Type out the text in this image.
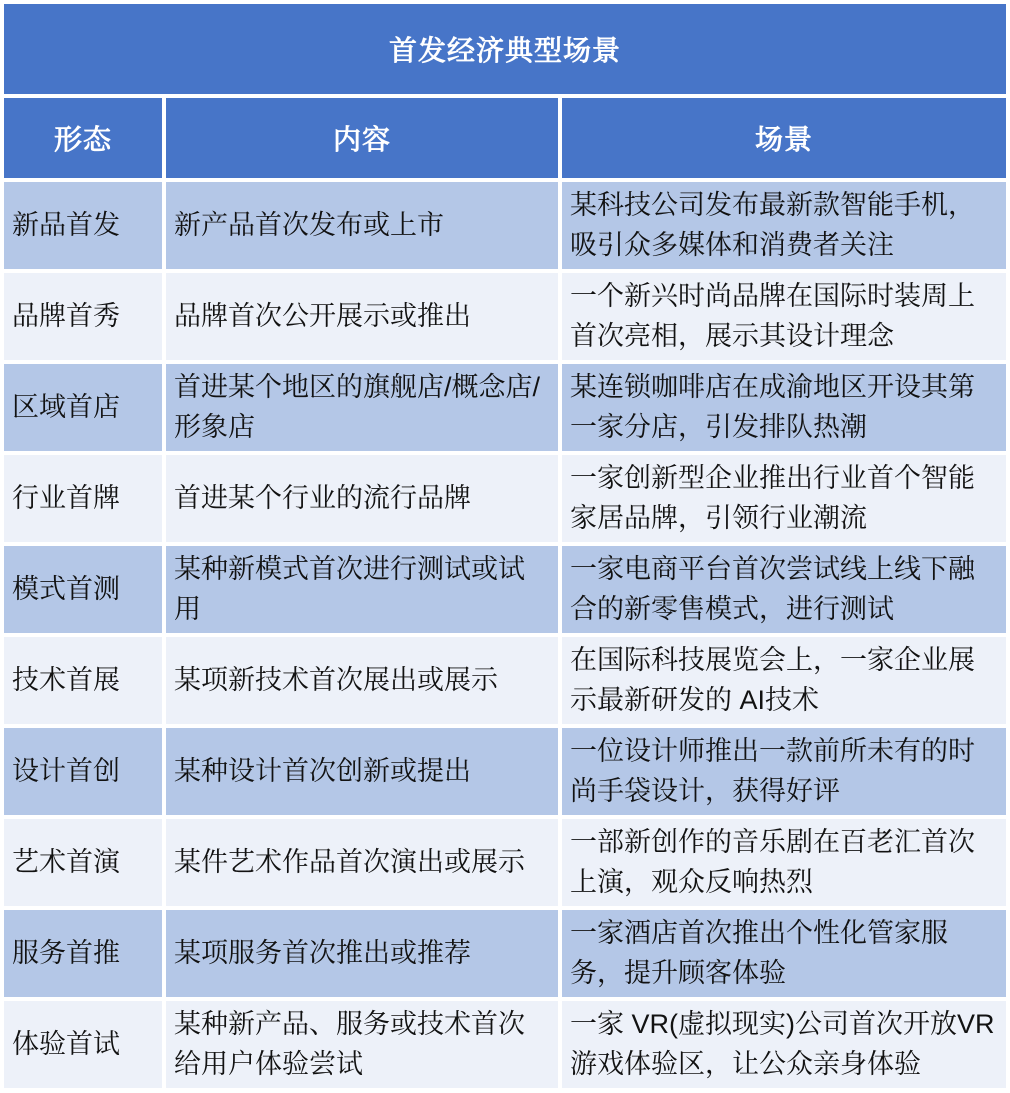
首发经济典型场景		
形态	内容	场景
新品首发	新产品首次发布或上市	某科技公司发布最新款智能手机，吸引众多媒体和消费者关注
品牌首秀	品牌首次公开展示或推出	一个新兴时尚品牌在国际时装周上首次亮相，展示其设计理念
区域首店	首进某个地区的旗舰店/概念店/形象店	某连锁咖啡店在成渝地区开设其第一家分店，引发排队热潮
行业首牌	首进某个行业的流行品牌	一家创新型企业推出行业首个智能家居品牌，引领行业潮流
模式首测	某种新模式首次进行测试或试用	一家电商平台首次尝试线上线下融合的新零售模式，进行测试
技术首展	某项新技术首次展出或展示	在国际科技展览会上，一家企业展示最新研发的 AI技术
设计首创	某种设计首次创新或提出	一位设计师推出一款前所未有的时尚手袋设计，获得好评
艺术首演	某件艺术作品首次演出或展示	一部新创作的音乐剧在百老汇首次上演，观众反响热烈
服务首推	某项服务首次推出或推荐	一家酒店首次推出个性化管家服务，提升顾客体验
体验首试	某种新产品、服务或技术首次给用户体验尝试	一家 VR(虚拟现实)公司首次开放VR游戏体验区，让公众亲身体验
